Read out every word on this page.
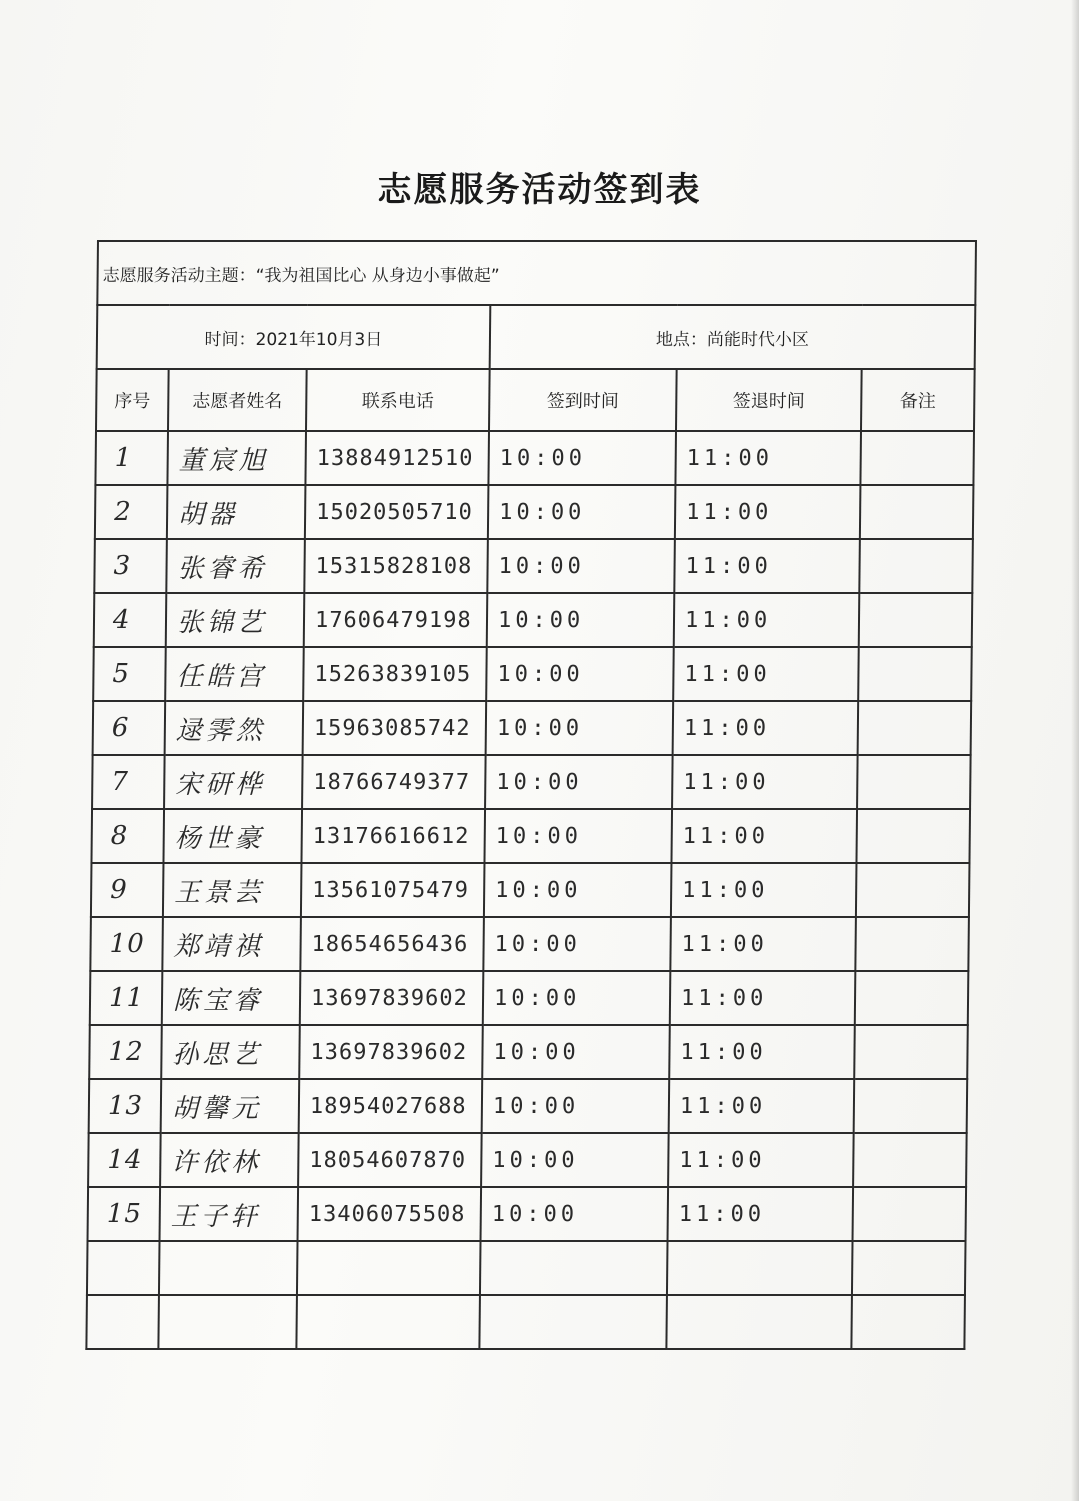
志愿服务活动签到表
志愿服务活动主题：“我为祖国比心 从身边小事做起”					
时间：2021年10月3日			地点：尚能时代小区		
序号	志愿者姓名	联系电话	签到时间	签退时间	备注
1	董宸旭	13884912510	10:00	11:00	
2	胡器	15020505710	10:00	11:00	
3	张睿希	15315828108	10:00	11:00	
4	张锦艺	17606479198	10:00	11:00	
5	任皓宫	15263839105	10:00	11:00	
6	逯霁然	15963085742	10:00	11:00	
7	宋研桦	18766749377	10:00	11:00	
8	杨世豪	13176616612	10:00	11:00	
9	王景芸	13561075479	10:00	11:00	
10	郑靖祺	18654656436	10:00	11:00	
11	陈宝睿	13697839602	10:00	11:00	
12	孙思艺	13697839602	10:00	11:00	
13	胡馨元	18954027688	10:00	11:00	
14	许依林	18054607870	10:00	11:00	
15	王子轩	13406075508	10:00	11:00	
